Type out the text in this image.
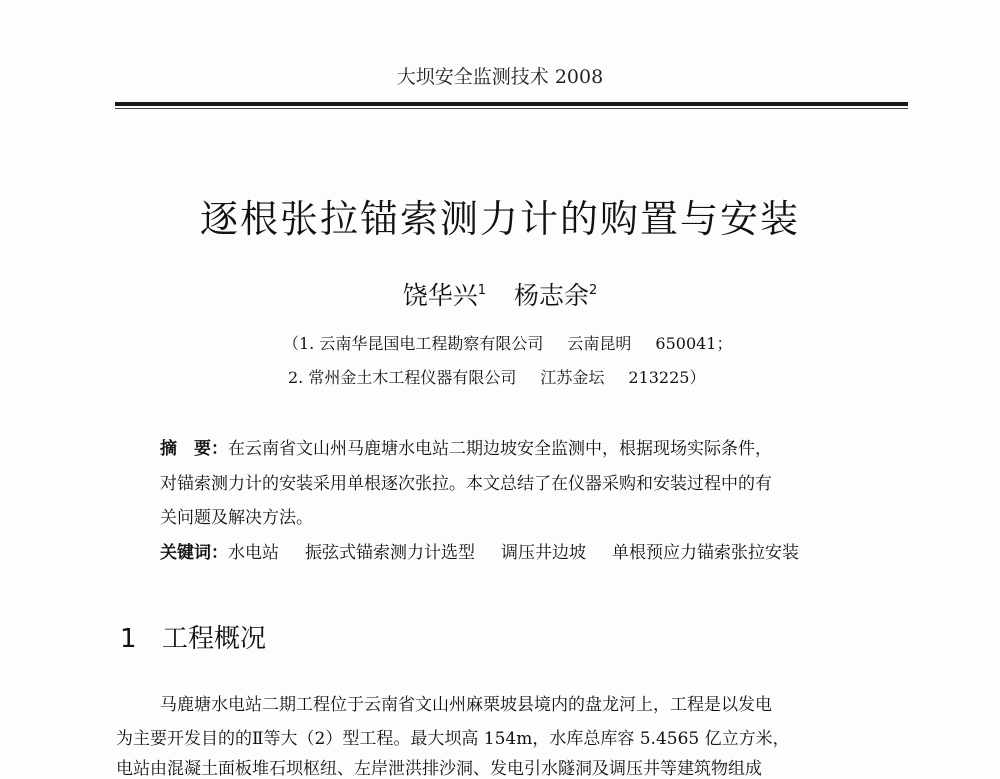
大坝安全监测技术 2008
逐根张拉锚索测力计的购置与安装
饶华兴$^1$ 杨志余$^2$
（1. 云南华昆国电工程勘察有限公司 云南昆明 650041；
2. 常州金土木工程仪器有限公司 江苏金坛 213225）
摘　要：在云南省文山州马鹿塘水电站二期边坡安全监测中，根据现场实际条件，
对锚索测力计的安装采用单根逐次张拉。本文总结了在仪器采购和安装过程中的有
关问题及解决方法。
关键词：水电站 振弦式锚索测力计选型 调压井边坡 单根预应力锚索张拉安装
1 工程概况
马鹿塘水电站二期工程位于云南省文山州麻栗坡县境内的盘龙河上，工程是以发电
为主要开发目的的Ⅱ等大（2）型工程。最大坝高 154m，水库总库容 5.4565 亿立方米，
电站由混凝土面板堆石坝枢纽、左岸泄洪排沙洞、发电引水隧洞及调压井等建筑物组成
